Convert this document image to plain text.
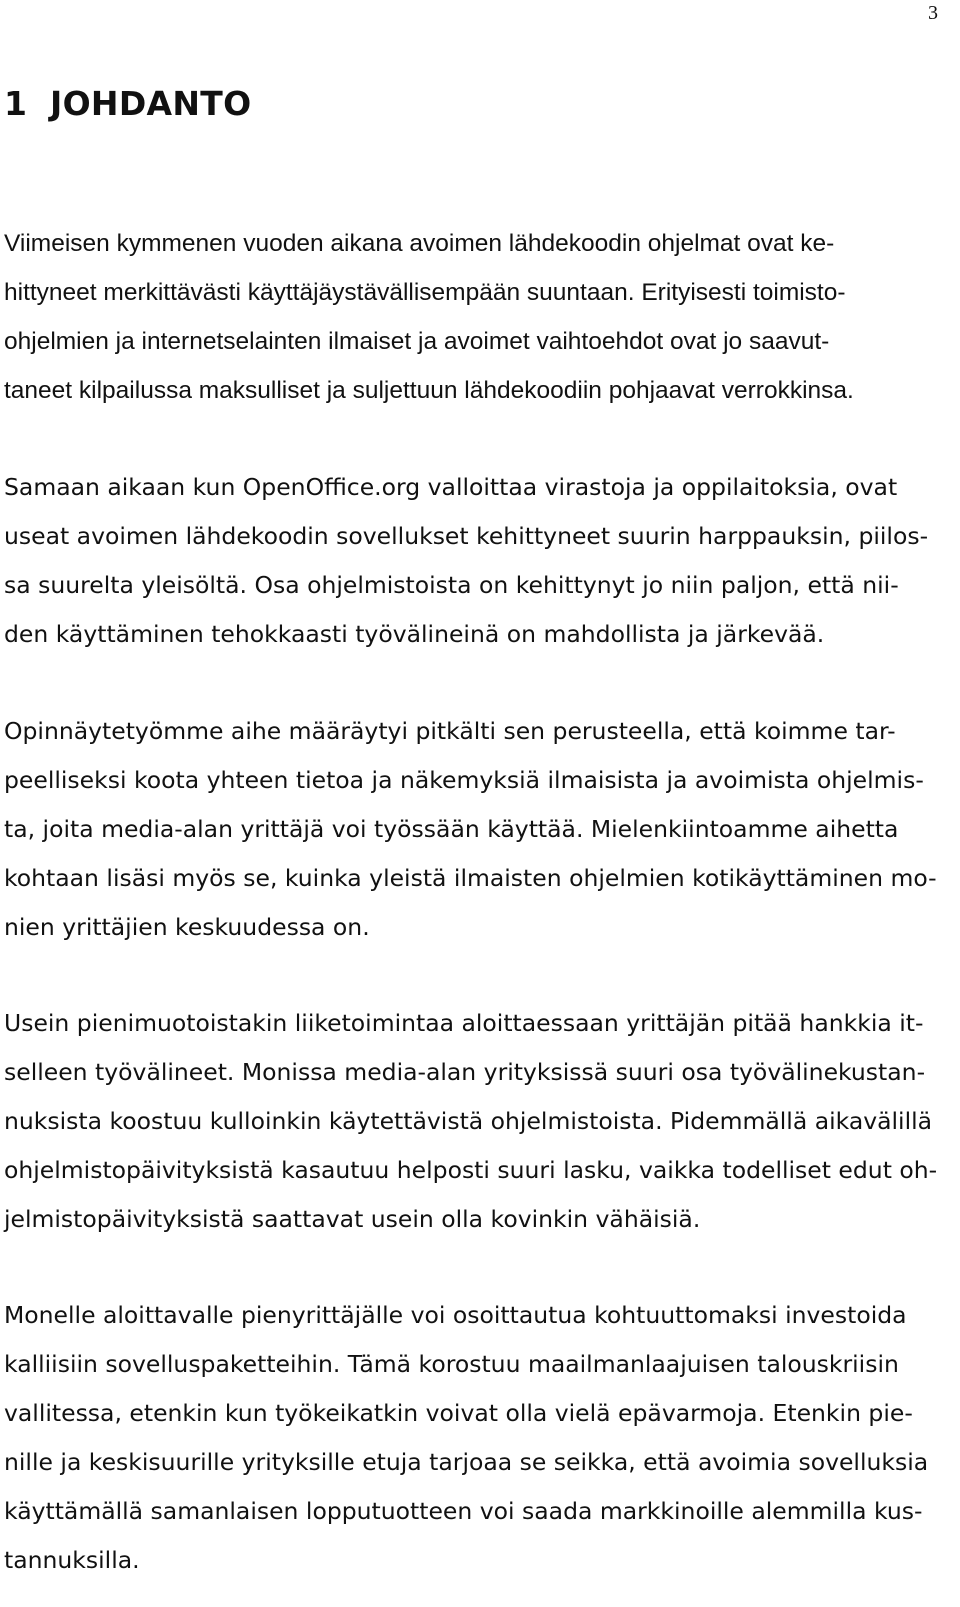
3
1 JOHDANTO
Viimeisen kymmenen vuoden aikana avoimen lähdekoodin ohjelmat ovat ke-
hittyneet merkittävästi käyttäjäystävällisempään suuntaan. Erityisesti toimisto-
ohjelmien ja internetselainten ilmaiset ja avoimet vaihtoehdot ovat jo saavut-
taneet kilpailussa maksulliset ja suljettuun lähdekoodiin pohjaavat verrokkinsa.
Samaan aikaan kun OpenOffice.org valloittaa virastoja ja oppilaitoksia, ovat
useat avoimen lähdekoodin sovellukset kehittyneet suurin harppauksin, piilos-
sa suurelta yleisöltä. Osa ohjelmistoista on kehittynyt jo niin paljon, että nii-
den käyttäminen tehokkaasti työvälineinä on mahdollista ja järkevää.
Opinnäytetyömme aihe määräytyi pitkälti sen perusteella, että koimme tar-
peelliseksi koota yhteen tietoa ja näkemyksiä ilmaisista ja avoimista ohjelmis-
ta, joita media-alan yrittäjä voi työssään käyttää. Mielenkiintoamme aihetta
kohtaan lisäsi myös se, kuinka yleistä ilmaisten ohjelmien kotikäyttäminen mo-
nien yrittäjien keskuudessa on.
Usein pienimuotoistakin liiketoimintaa aloittaessaan yrittäjän pitää hankkia it-
selleen työvälineet. Monissa media-alan yrityksissä suuri osa työvälinekustan-
nuksista koostuu kulloinkin käytettävistä ohjelmistoista. Pidemmällä aikavälillä
ohjelmistopäivityksistä kasautuu helposti suuri lasku, vaikka todelliset edut oh-
jelmistopäivityksistä saattavat usein olla kovinkin vähäisiä.
Monelle aloittavalle pienyrittäjälle voi osoittautua kohtuuttomaksi investoida
kalliisiin sovelluspaketteihin. Tämä korostuu maailmanlaajuisen talouskriisin
vallitessa, etenkin kun työkeikatkin voivat olla vielä epävarmoja. Etenkin pie-
nille ja keskisuurille yrityksille etuja tarjoaa se seikka, että avoimia sovelluksia
käyttämällä samanlaisen lopputuotteen voi saada markkinoille alemmilla kus-
tannuksilla.
